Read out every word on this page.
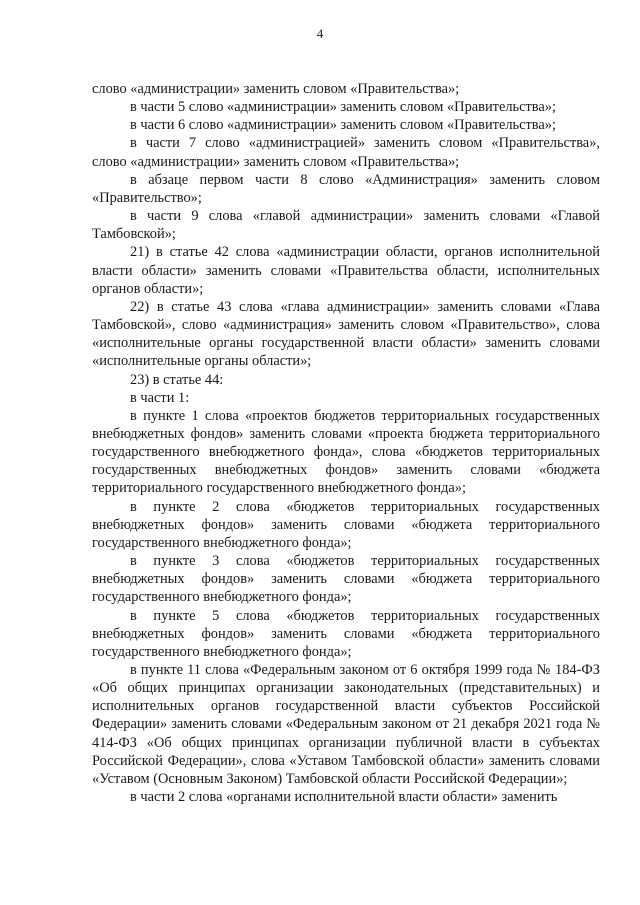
4

слово «администрации» заменить словом «Правительства»;

в части 5 слово «администрации» заменить словом «Правительства»;

в части 6 слово «администрации» заменить словом «Правительства»;

в части 7 слово «администрацией» заменить словом «Правительства», слово «администрации» заменить словом «Правительства»;

в абзаце первом части 8 слово «Администрация» заменить словом «Правительство»;

в части 9 слова «главой администрации» заменить словами «Главой Тамбовской»;

21) в статье 42 слова «администрации области, органов исполнительной власти области» заменить словами «Правительства области, исполнительных органов области»;

22) в статье 43 слова «глава администрации» заменить словами «Глава Тамбовской», слово «администрация» заменить словом «Правительство», слова «исполнительные органы государственной власти области» заменить словами «исполнительные органы области»;

23) в статье 44:

в части 1:

в пункте 1 слова «проектов бюджетов территориальных государственных внебюджетных фондов» заменить словами «проекта бюджета территориального государственного внебюджетного фонда», слова «бюджетов территориальных государственных внебюджетных фондов» заменить словами «бюджета территориального государственного внебюджетного фонда»;

в пункте 2 слова «бюджетов территориальных государственных внебюджетных фондов» заменить словами «бюджета территориального государственного внебюджетного фонда»;

в пункте 3 слова «бюджетов территориальных государственных внебюджетных фондов» заменить словами «бюджета территориального государственного внебюджетного фонда»;

в пункте 5 слова «бюджетов территориальных государственных внебюджетных фондов» заменить словами «бюджета территориального государственного внебюджетного фонда»;

в пункте 11 слова «Федеральным законом от 6 октября 1999 года № 184-ФЗ «Об общих принципах организации законодательных (представительных) и исполнительных органов государственной власти субъектов Российской Федерации» заменить словами «Федеральным законом от 21 декабря 2021 года № 414-ФЗ «Об общих принципах организации публичной власти в субъектах Российской Федерации», слова «Уставом Тамбовской области» заменить словами «Уставом (Основным Законом) Тамбовской области Российской Федерации»;

в части 2 слова «органами исполнительной власти области» заменить
